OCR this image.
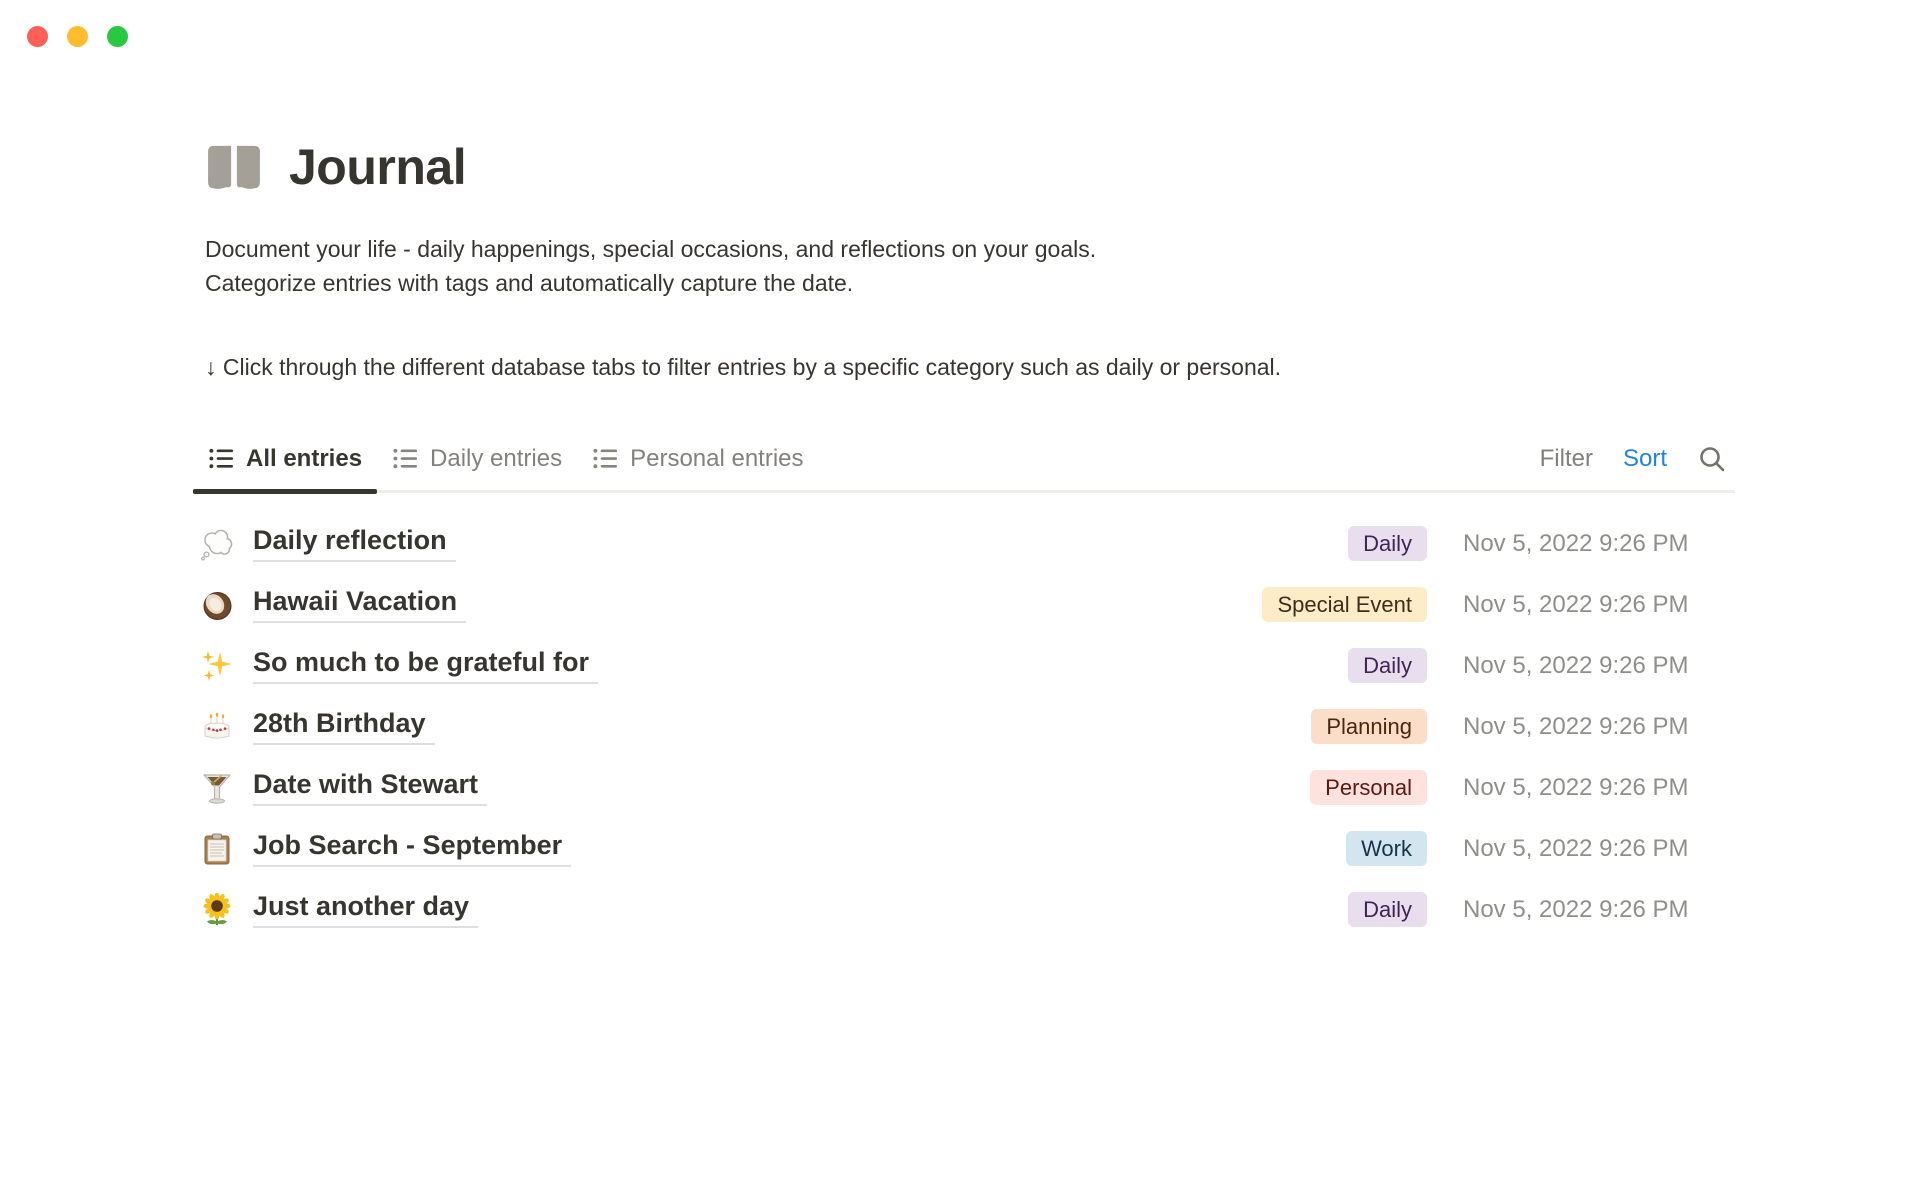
Journal
Document your life - daily happenings, special occasions, and reflections on your goals.
Categorize entries with tags and automatically capture the date.
↓ Click through the different database tabs to filter entries by a specific category such as daily or personal.
All entries	Daily entries	Personal entries	Filter Sort
Daily reflection	Daily	Nov 5, 2022 9:26 PM
Hawaii Vacation	Special Event	Nov 5, 2022 9:26 PM
So much to be grateful for	Daily	Nov 5, 2022 9:26 PM
28th Birthday	Planning	Nov 5, 2022 9:26 PM
Date with Stewart	Personal	Nov 5, 2022 9:26 PM
Job Search - September	Work	Nov 5, 2022 9:26 PM
Just another day	Daily	Nov 5, 2022 9:26 PM
